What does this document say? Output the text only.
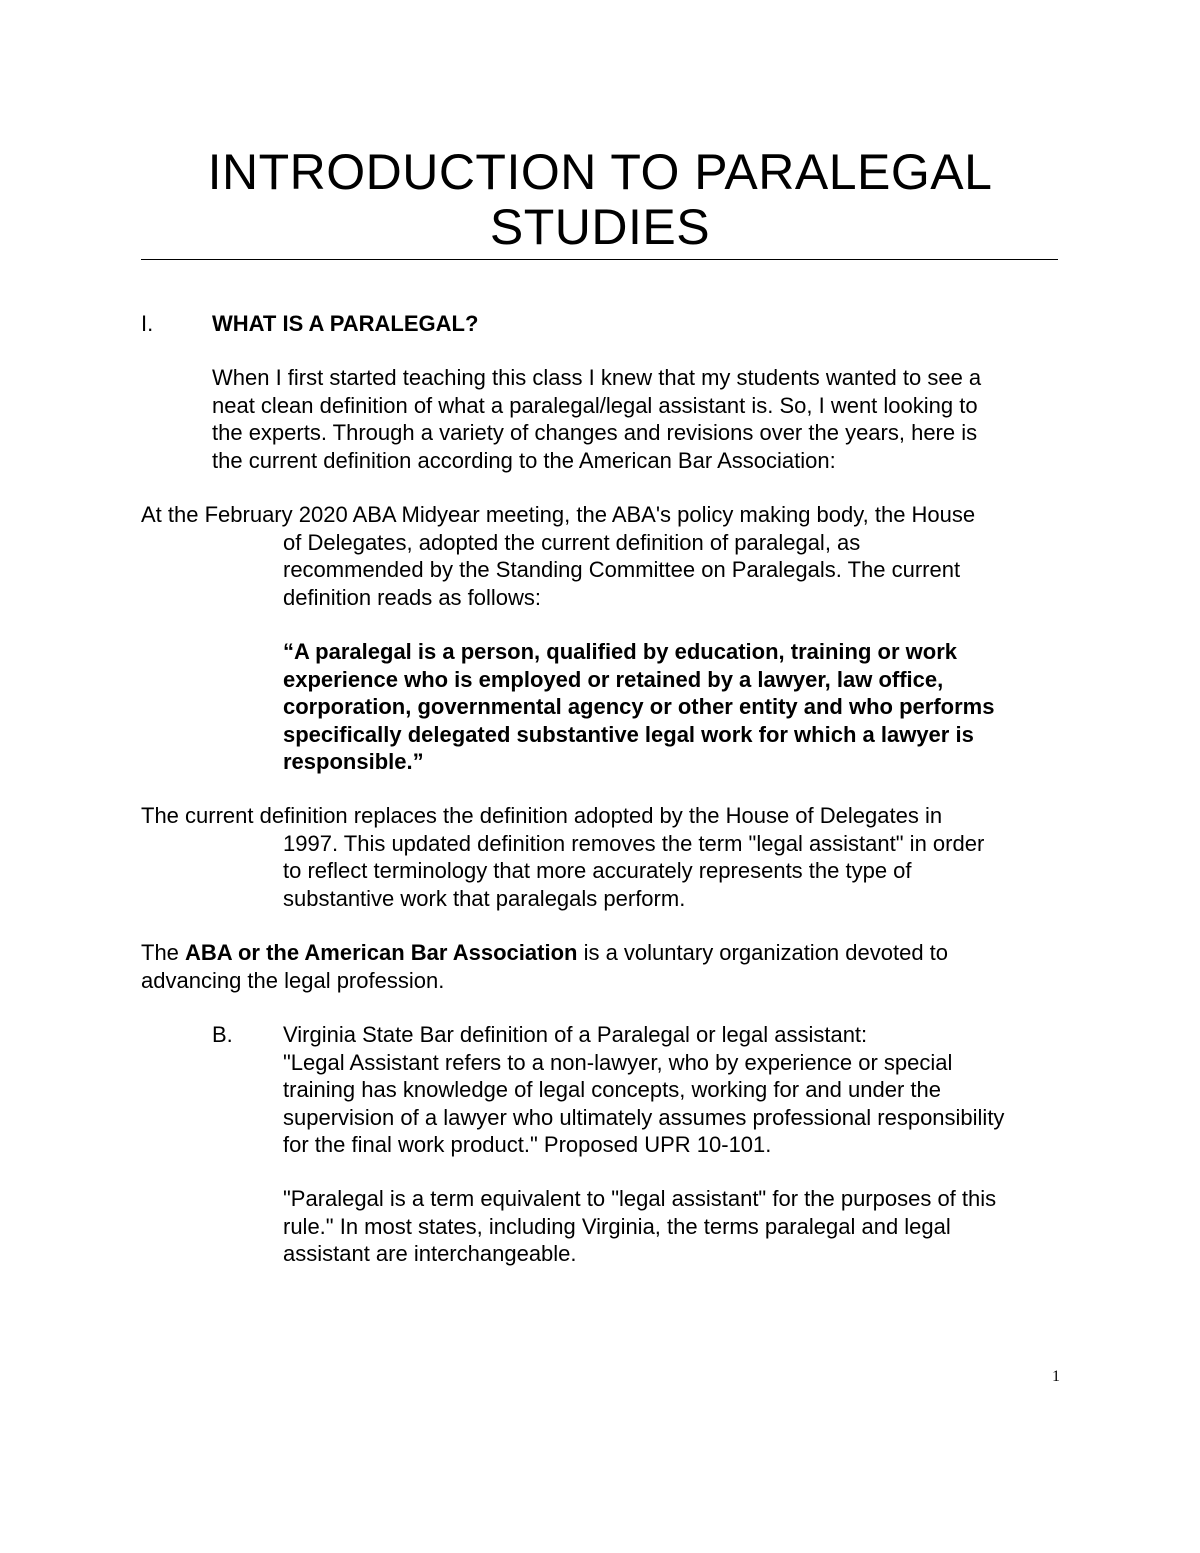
INTRODUCTION TO PARALEGAL
STUDIES
I.	WHAT IS A PARALEGAL?

When I first started teaching this class I knew that my students wanted to see a
neat clean definition of what a paralegal/legal assistant is. So, I went looking to
the experts. Through a variety of changes and revisions over the years, here is
the current definition according to the American Bar Association:

At the February 2020 ABA Midyear meeting, the ABA's policy making body, the House
of Delegates, adopted the current definition of paralegal, as
recommended by the Standing Committee on Paralegals. The current
definition reads as follows:

“A paralegal is a person, qualified by education, training or work
experience who is employed or retained by a lawyer, law office,
corporation, governmental agency or other entity and who performs
specifically delegated substantive legal work for which a lawyer is
responsible.”

The current definition replaces the definition adopted by the House of Delegates in
1997. This updated definition removes the term "legal assistant" in order
to reflect terminology that more accurately represents the type of
substantive work that paralegals perform.

The ABA or the American Bar Association is a voluntary organization devoted to
advancing the legal profession.

B. Virginia State Bar definition of a Paralegal or legal assistant:
"Legal Assistant refers to a non-lawyer, who by experience or special
training has knowledge of legal concepts, working for and under the
supervision of a lawyer who ultimately assumes professional responsibility
for the final work product." Proposed UPR 10-101.

"Paralegal is a term equivalent to "legal assistant" for the purposes of this
rule." In most states, including Virginia, the terms paralegal and legal
assistant are interchangeable.

1
